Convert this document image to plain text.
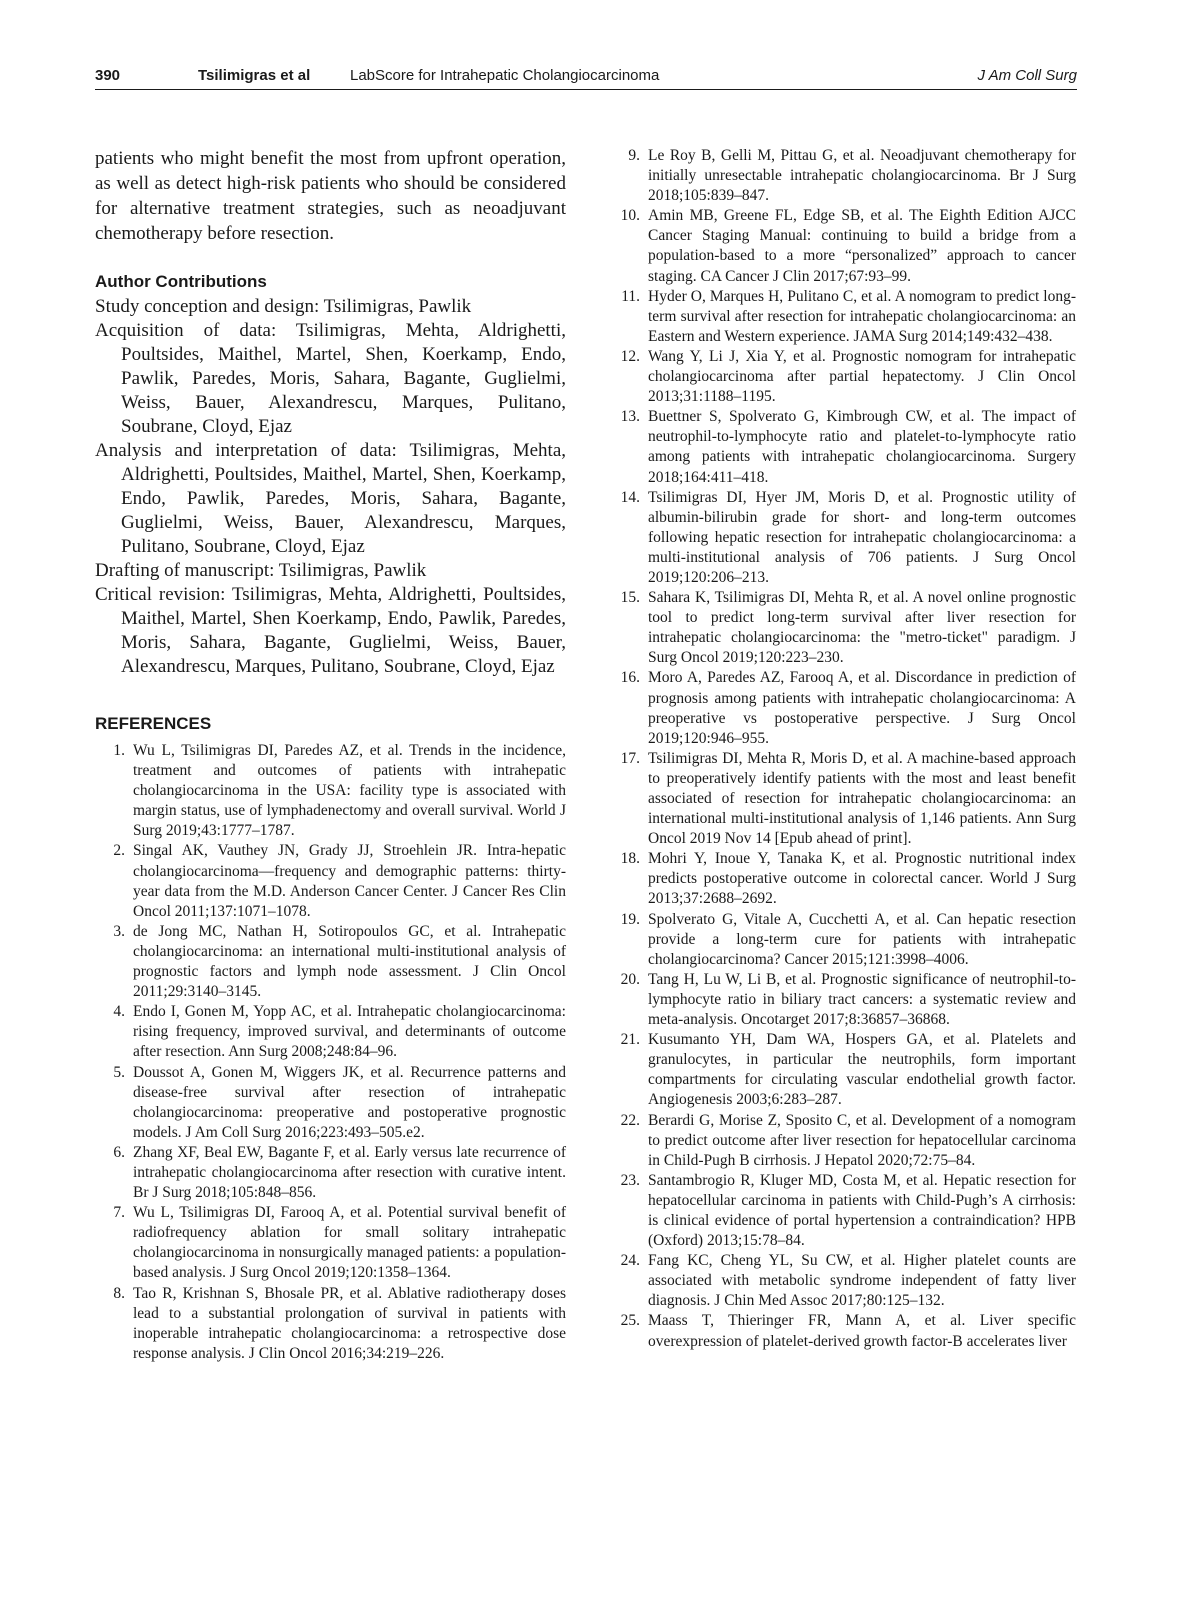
390	Tsilimigras et al	LabScore for Intrahepatic Cholangiocarcinoma	J Am Coll Surg

patients who might benefit the most from upfront operation, as well as detect high-risk patients who should be considered for alternative treatment strategies, such as neoadjuvant chemotherapy before resection.

Author Contributions
Study conception and design: Tsilimigras, Pawlik
Acquisition of data: Tsilimigras, Mehta, Aldrighetti, Poultsides, Maithel, Martel, Shen, Koerkamp, Endo, Pawlik, Paredes, Moris, Sahara, Bagante, Guglielmi, Weiss, Bauer, Alexandrescu, Marques, Pulitano, Soubrane, Cloyd, Ejaz
Analysis and interpretation of data: Tsilimigras, Mehta, Aldrighetti, Poultsides, Maithel, Martel, Shen, Koerkamp, Endo, Pawlik, Paredes, Moris, Sahara, Bagante, Guglielmi, Weiss, Bauer, Alexandrescu, Marques, Pulitano, Soubrane, Cloyd, Ejaz
Drafting of manuscript: Tsilimigras, Pawlik
Critical revision: Tsilimigras, Mehta, Aldrighetti, Poultsides, Maithel, Martel, Shen Koerkamp, Endo, Pawlik, Paredes, Moris, Sahara, Bagante, Guglielmi, Weiss, Bauer, Alexandrescu, Marques, Pulitano, Soubrane, Cloyd, Ejaz
REFERENCES
1. Wu L, Tsilimigras DI, Paredes AZ, et al. Trends in the incidence, treatment and outcomes of patients with intrahepatic cholangiocarcinoma in the USA: facility type is associated with margin status, use of lymphadenectomy and overall survival. World J Surg 2019;43:1777–1787.
2. Singal AK, Vauthey JN, Grady JJ, Stroehlein JR. Intra-hepatic cholangiocarcinoma—frequency and demographic patterns: thirty-year data from the M.D. Anderson Cancer Center. J Cancer Res Clin Oncol 2011;137:1071–1078.
3. de Jong MC, Nathan H, Sotiropoulos GC, et al. Intrahepatic cholangiocarcinoma: an international multi-institutional analysis of prognostic factors and lymph node assessment. J Clin Oncol 2011;29:3140–3145.
4. Endo I, Gonen M, Yopp AC, et al. Intrahepatic cholangiocarcinoma: rising frequency, improved survival, and determinants of outcome after resection. Ann Surg 2008;248:84–96.
5. Doussot A, Gonen M, Wiggers JK, et al. Recurrence patterns and disease-free survival after resection of intrahepatic cholangiocarcinoma: preoperative and postoperative prognostic models. J Am Coll Surg 2016;223:493–505.e2.
6. Zhang XF, Beal EW, Bagante F, et al. Early versus late recurrence of intrahepatic cholangiocarcinoma after resection with curative intent. Br J Surg 2018;105:848–856.
7. Wu L, Tsilimigras DI, Farooq A, et al. Potential survival benefit of radiofrequency ablation for small solitary intrahepatic cholangiocarcinoma in nonsurgically managed patients: a population-based analysis. J Surg Oncol 2019;120:1358–1364.
8. Tao R, Krishnan S, Bhosale PR, et al. Ablative radiotherapy doses lead to a substantial prolongation of survival in patients with inoperable intrahepatic cholangiocarcinoma: a retrospective dose response analysis. J Clin Oncol 2016;34:219–226.
9. Le Roy B, Gelli M, Pittau G, et al. Neoadjuvant chemotherapy for initially unresectable intrahepatic cholangiocarcinoma. Br J Surg 2018;105:839–847.
10. Amin MB, Greene FL, Edge SB, et al. The Eighth Edition AJCC Cancer Staging Manual: continuing to build a bridge from a population-based to a more “personalized” approach to cancer staging. CA Cancer J Clin 2017;67:93–99.
11. Hyder O, Marques H, Pulitano C, et al. A nomogram to predict long-term survival after resection for intrahepatic cholangiocarcinoma: an Eastern and Western experience. JAMA Surg 2014;149:432–438.
12. Wang Y, Li J, Xia Y, et al. Prognostic nomogram for intrahepatic cholangiocarcinoma after partial hepatectomy. J Clin Oncol 2013;31:1188–1195.
13. Buettner S, Spolverato G, Kimbrough CW, et al. The impact of neutrophil-to-lymphocyte ratio and platelet-to-lymphocyte ratio among patients with intrahepatic cholangiocarcinoma. Surgery 2018;164:411–418.
14. Tsilimigras DI, Hyer JM, Moris D, et al. Prognostic utility of albumin-bilirubin grade for short- and long-term outcomes following hepatic resection for intrahepatic cholangiocarcinoma: a multi-institutional analysis of 706 patients. J Surg Oncol 2019;120:206–213.
15. Sahara K, Tsilimigras DI, Mehta R, et al. A novel online prognostic tool to predict long-term survival after liver resection for intrahepatic cholangiocarcinoma: the "metro-ticket" paradigm. J Surg Oncol 2019;120:223–230.
16. Moro A, Paredes AZ, Farooq A, et al. Discordance in prediction of prognosis among patients with intrahepatic cholangiocarcinoma: A preoperative vs postoperative perspective. J Surg Oncol 2019;120:946–955.
17. Tsilimigras DI, Mehta R, Moris D, et al. A machine-based approach to preoperatively identify patients with the most and least benefit associated of resection for intrahepatic cholangiocarcinoma: an international multi-institutional analysis of 1,146 patients. Ann Surg Oncol 2019 Nov 14 [Epub ahead of print].
18. Mohri Y, Inoue Y, Tanaka K, et al. Prognostic nutritional index predicts postoperative outcome in colorectal cancer. World J Surg 2013;37:2688–2692.
19. Spolverato G, Vitale A, Cucchetti A, et al. Can hepatic resection provide a long-term cure for patients with intrahepatic cholangiocarcinoma? Cancer 2015;121:3998–4006.
20. Tang H, Lu W, Li B, et al. Prognostic significance of neutrophil-to-lymphocyte ratio in biliary tract cancers: a systematic review and meta-analysis. Oncotarget 2017;8:36857–36868.
21. Kusumanto YH, Dam WA, Hospers GA, et al. Platelets and granulocytes, in particular the neutrophils, form important compartments for circulating vascular endothelial growth factor. Angiogenesis 2003;6:283–287.
22. Berardi G, Morise Z, Sposito C, et al. Development of a nomogram to predict outcome after liver resection for hepatocellular carcinoma in Child-Pugh B cirrhosis. J Hepatol 2020;72:75–84.
23. Santambrogio R, Kluger MD, Costa M, et al. Hepatic resection for hepatocellular carcinoma in patients with Child-Pugh’s A cirrhosis: is clinical evidence of portal hypertension a contraindication? HPB (Oxford) 2013;15:78–84.
24. Fang KC, Cheng YL, Su CW, et al. Higher platelet counts are associated with metabolic syndrome independent of fatty liver diagnosis. J Chin Med Assoc 2017;80:125–132.
25. Maass T, Thieringer FR, Mann A, et al. Liver specific overexpression of platelet-derived growth factor-B accelerates liver
